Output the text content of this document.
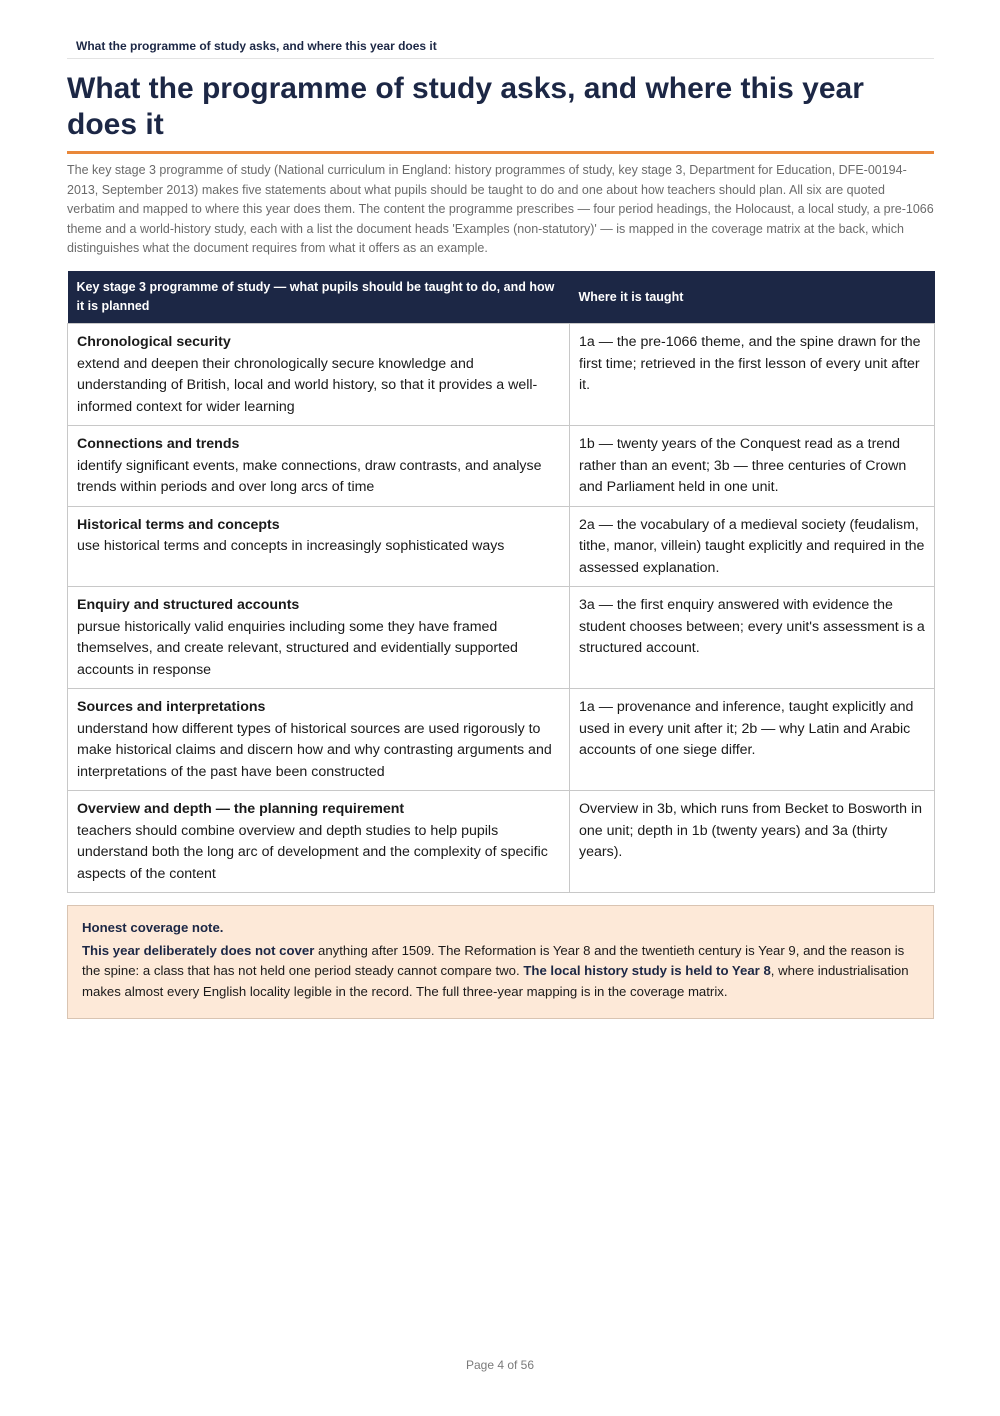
What the programme of study asks, and where this year does it
What the programme of study asks, and where this year does it

The key stage 3 programme of study (National curriculum in England: history programmes of study, key stage 3, Department for Education, DFE-00194-2013, September 2013) makes five statements about what pupils should be taught to do and one about how teachers should plan. All six are quoted verbatim and mapped to where this year does them. The content the programme prescribes — four period headings, the Holocaust, a local study, a pre-1066 theme and a world-history study, each with a list the document heads 'Examples (non-statutory)' — is mapped in the coverage matrix at the back, which distinguishes what the document requires from what it offers as an example.

Key stage 3 programme of study — what pupils should be taught to do, and how it is planned	Where it is taught

Chronological security
extend and deepen their chronologically secure knowledge and understanding of British, local and world history, so that it provides a well-informed context for wider learning	1a — the pre-1066 theme, and the spine drawn for the first time; retrieved in the first lesson of every unit after it.

Connections and trends
identify significant events, make connections, draw contrasts, and analyse trends within periods and over long arcs of time	1b — twenty years of the Conquest read as a trend rather than an event; 3b — three centuries of Crown and Parliament held in one unit.

Historical terms and concepts
use historical terms and concepts in increasingly sophisticated ways	2a — the vocabulary of a medieval society (feudalism, tithe, manor, villein) taught explicitly and required in the assessed explanation.

Enquiry and structured accounts
pursue historically valid enquiries including some they have framed themselves, and create relevant, structured and evidentially supported accounts in response	3a — the first enquiry answered with evidence the student chooses between; every unit's assessment is a structured account.

Sources and interpretations
understand how different types of historical sources are used rigorously to make historical claims and discern how and why contrasting arguments and interpretations of the past have been constructed	1a — provenance and inference, taught explicitly and used in every unit after it; 2b — why Latin and Arabic accounts of one siege differ.

Overview and depth — the planning requirement
teachers should combine overview and depth studies to help pupils understand both the long arc of development and the complexity of specific aspects of the content	Overview in 3b, which runs from Becket to Bosworth in one unit; depth in 1b (twenty years) and 3a (thirty years).
Honest coverage note.
This year deliberately does not cover anything after 1509. The Reformation is Year 8 and the twentieth century is Year 9, and the reason is the spine: a class that has not held one period steady cannot compare two. The local history study is held to Year 8, where industrialisation makes almost every English locality legible in the record. The full three-year mapping is in the coverage matrix.
Page 4 of 56
